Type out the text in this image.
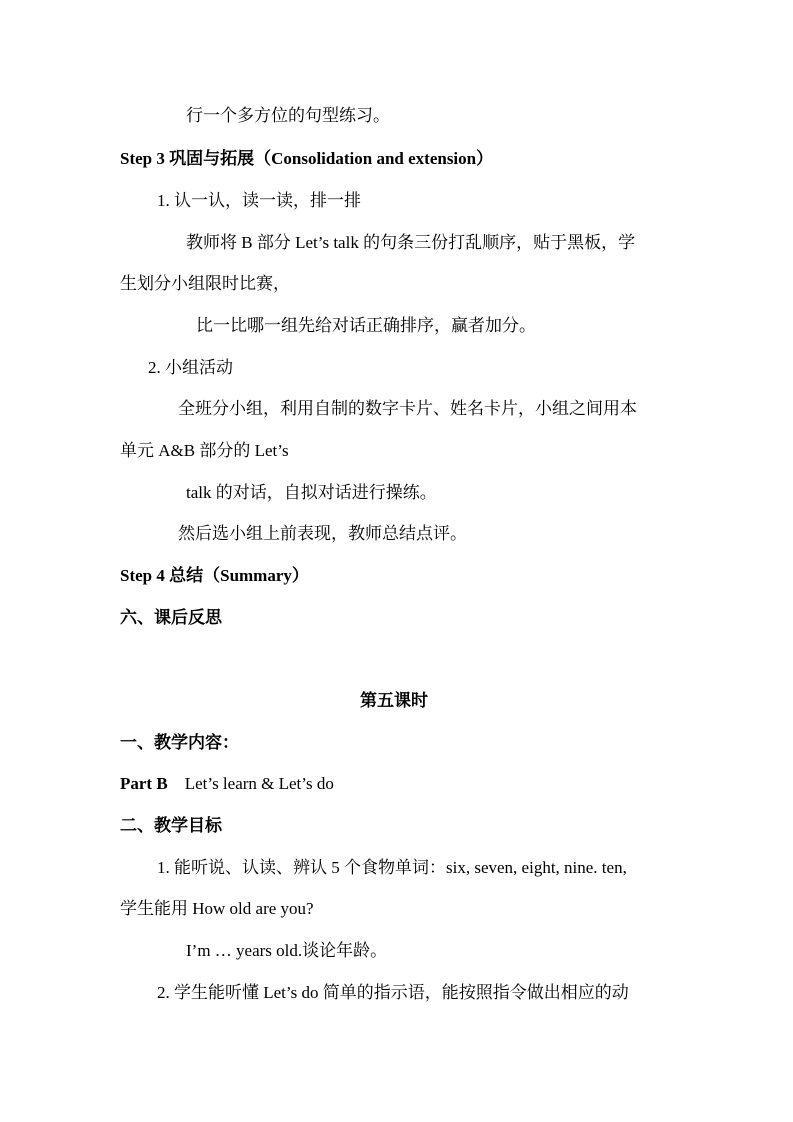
行一个多方位的句型练习。
Step 3 巩固与拓展（Consolidation and extension）
1. 认一认，读一读，排一排
教师将 B 部分 Let’s talk 的句条三份打乱顺序，贴于黑板，学
生划分小组限时比赛，
比一比哪一组先给对话正确排序，赢者加分。
2. 小组活动
全班分小组，利用自制的数字卡片、姓名卡片，小组之间用本
单元 A&B 部分的 Let’s
talk 的对话，自拟对话进行操练。
然后选小组上前表现，教师总结点评。
Step 4 总结（Summary）
六、课后反思
第五课时
一、教学内容：
Part B    Let’s learn & Let’s do
二、教学目标
1. 能听说、认读、辨认 5 个食物单词：six, seven, eight, nine. ten,
学生能用 How old are you?
I’m … years old.谈论年龄。
2. 学生能听懂 Let’s do 简单的指示语，能按照指令做出相应的动
